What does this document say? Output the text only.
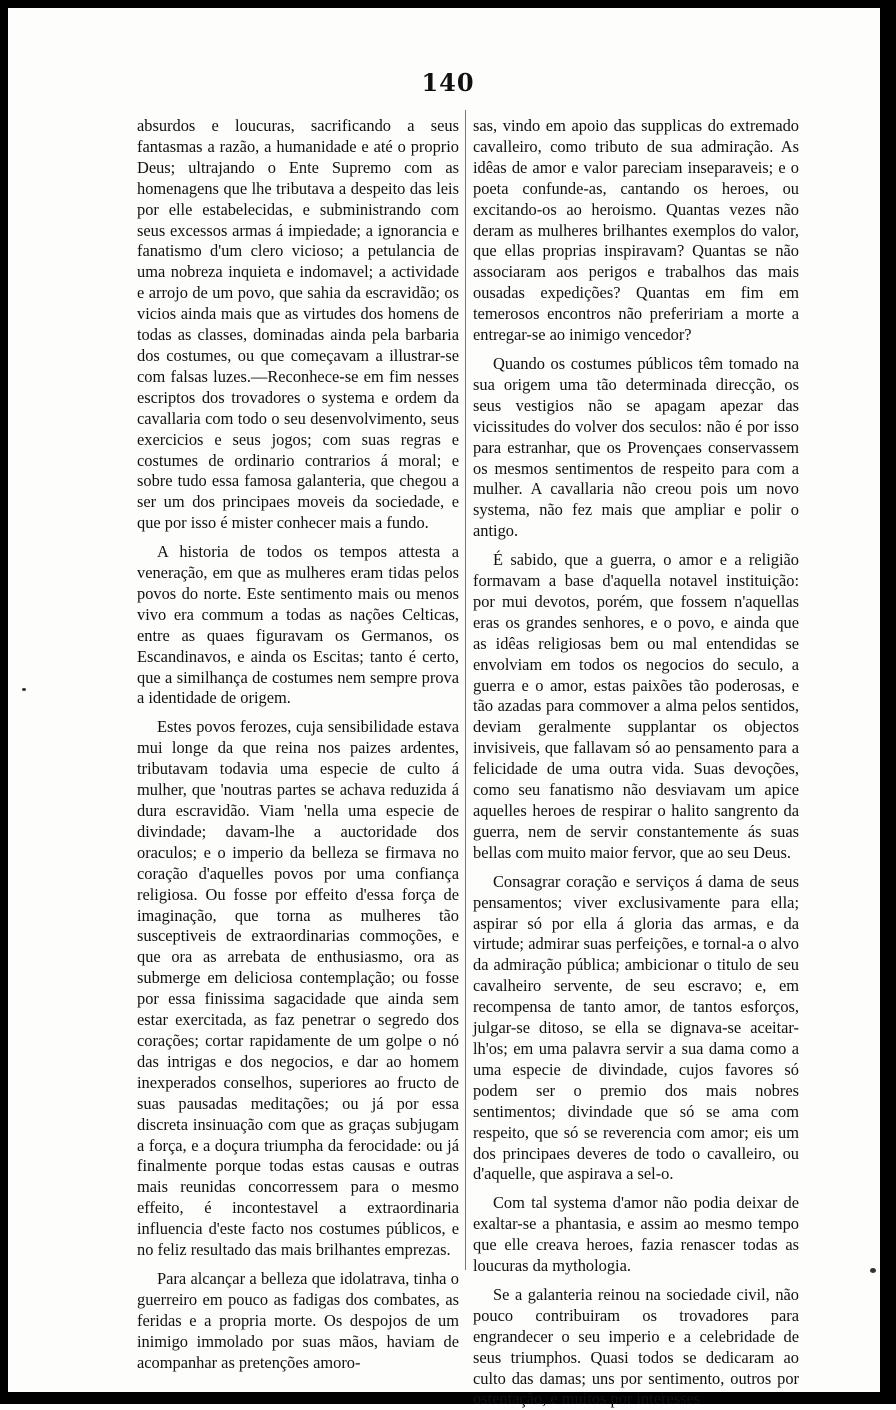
140

absurdos e loucuras, sacrificando a seus fantasmas a razão, a humanidade e até o proprio Deus; ultrajando o Ente Supremo com as homenagens que lhe tributava a despeito das leis por elle estabelecidas, e subministrando com seus excessos armas á impiedade; a ignorancia e fanatismo d'um clero vicioso; a petulancia de uma nobreza inquieta e indomavel; a actividade e arrojo de um povo, que sahia da escravidão; os vicios ainda mais que as virtudes dos homens de todas as classes, dominadas ainda pela barbaria dos costumes, ou que começavam a illustrar-se com falsas luzes.—Reconhece-se em fim nesses escriptos dos trovadores o systema e ordem da cavallaria com todo o seu desenvolvimento, seus exercicios e seus jogos; com suas regras e costumes de ordinario contrarios á moral; e sobre tudo essa famosa galanteria, que chegou a ser um dos principaes moveis da sociedade, e que por isso é mister conhecer mais a fundo.

A historia de todos os tempos attesta a veneração, em que as mulheres eram tidas pelos povos do norte. Este sentimento mais ou menos vivo era commum a todas as nações Celticas, entre as quaes figuravam os Germanos, os Escandinavos, e ainda os Escitas; tanto é certo, que a similhança de costumes nem sempre prova a identidade de origem.

Estes povos ferozes, cuja sensibilidade estava mui longe da que reina nos paizes ardentes, tributavam todavia uma especie de culto á mulher, que 'noutras partes se achava reduzida á dura escravidão. Viam 'nella uma especie de divindade; davam-lhe a auctoridade dos oraculos; e o imperio da belleza se firmava no coração d'aquelles povos por uma confiança religiosa. Ou fosse por effeito d'essa força de imaginação, que torna as mulheres tão susceptiveis de extraordinarias commoções, e que ora as arrebata de enthusiasmo, ora as submerge em deliciosa contemplação; ou fosse por essa finissima sagacidade que ainda sem estar exercitada, as faz penetrar o segredo dos corações; cortar rapidamente de um golpe o nó das intrigas e dos negocios, e dar ao homem inexperados conselhos, superiores ao fructo de suas pausadas meditações; ou já por essa discreta insinuação com que as graças subjugam a força, e a doçura triumpha da ferocidade: ou já finalmente porque todas estas causas e outras mais reunidas concorressem para o mesmo effeito, é incontestavel a extraordinaria influencia d'este facto nos costumes públicos, e no feliz resultado das mais brilhantes emprezas.

Para alcançar a belleza que idolatrava, tinha o guerreiro em pouco as fadigas dos combates, as feridas e a propria morte. Os despojos de um inimigo immolado por suas mãos, haviam de acompanhar as pretenções amoro-

sas, vindo em apoio das supplicas do extremado cavalleiro, como tributo de sua admiração. As idêas de amor e valor pareciam inseparaveis; e o poeta confunde-as, cantando os heroes, ou excitando-os ao heroismo. Quantas vezes não deram as mulheres brilhantes exemplos do valor, que ellas proprias inspiravam? Quantas se não associaram aos perigos e trabalhos das mais ousadas expedições? Quantas em fim em temerosos encontros não prefeririam a morte a entregar-se ao inimigo vencedor?

Quando os costumes públicos têm tomado na sua origem uma tão determinada direcção, os seus vestigios não se apagam apezar das vicissitudes do volver dos seculos: não é por isso para estranhar, que os Provençaes conservassem os mesmos sentimentos de respeito para com a mulher. A cavallaria não creou pois um novo systema, não fez mais que ampliar e polir o antigo.

É sabido, que a guerra, o amor e a religião formavam a base d'aquella notavel instituição: por mui devotos, porém, que fossem n'aquellas eras os grandes senhores, e o povo, e ainda que as idêas religiosas bem ou mal entendidas se envolviam em todos os negocios do seculo, a guerra e o amor, estas paixões tão poderosas, e tão azadas para commover a alma pelos sentidos, deviam geralmente supplantar os objectos invisiveis, que fallavam só ao pensamento para a felicidade de uma outra vida. Suas devoções, como seu fanatismo não desviavam um apice aquelles heroes de respirar o halito sangrento da guerra, nem de servir constantemente ás suas bellas com muito maior fervor, que ao seu Deus.

Consagrar coração e serviços á dama de seus pensamentos; viver exclusivamente para ella; aspirar só por ella á gloria das armas, e da virtude; admirar suas perfeições, e tornal-a o alvo da admiração pública; ambicionar o titulo de seu cavalheiro servente, de seu escravo; e, em recompensa de tanto amor, de tantos esforços, julgar-se ditoso, se ella se dignava-se aceitar-lh'os; em uma palavra servir a sua dama como a uma especie de divindade, cujos favores só podem ser o premio dos mais nobres sentimentos; divindade que só se ama com respeito, que só se reverencia com amor; eis um dos principaes deveres de todo o cavalleiro, ou d'aquelle, que aspirava a sel-o.

Com tal systema d'amor não podia deixar de exaltar-se a phantasia, e assim ao mesmo tempo que elle creava heroes, fazia renascer todas as loucuras da mythologia.

Se a galanteria reinou na sociedade civil, não pouco contribuiram os trovadores para engrandecer o seu imperio e a celebridade de seus triumphos. Quasi todos se dedicaram ao culto das damas; uns por sentimento, outros por ostentação, e muitos por interesses
